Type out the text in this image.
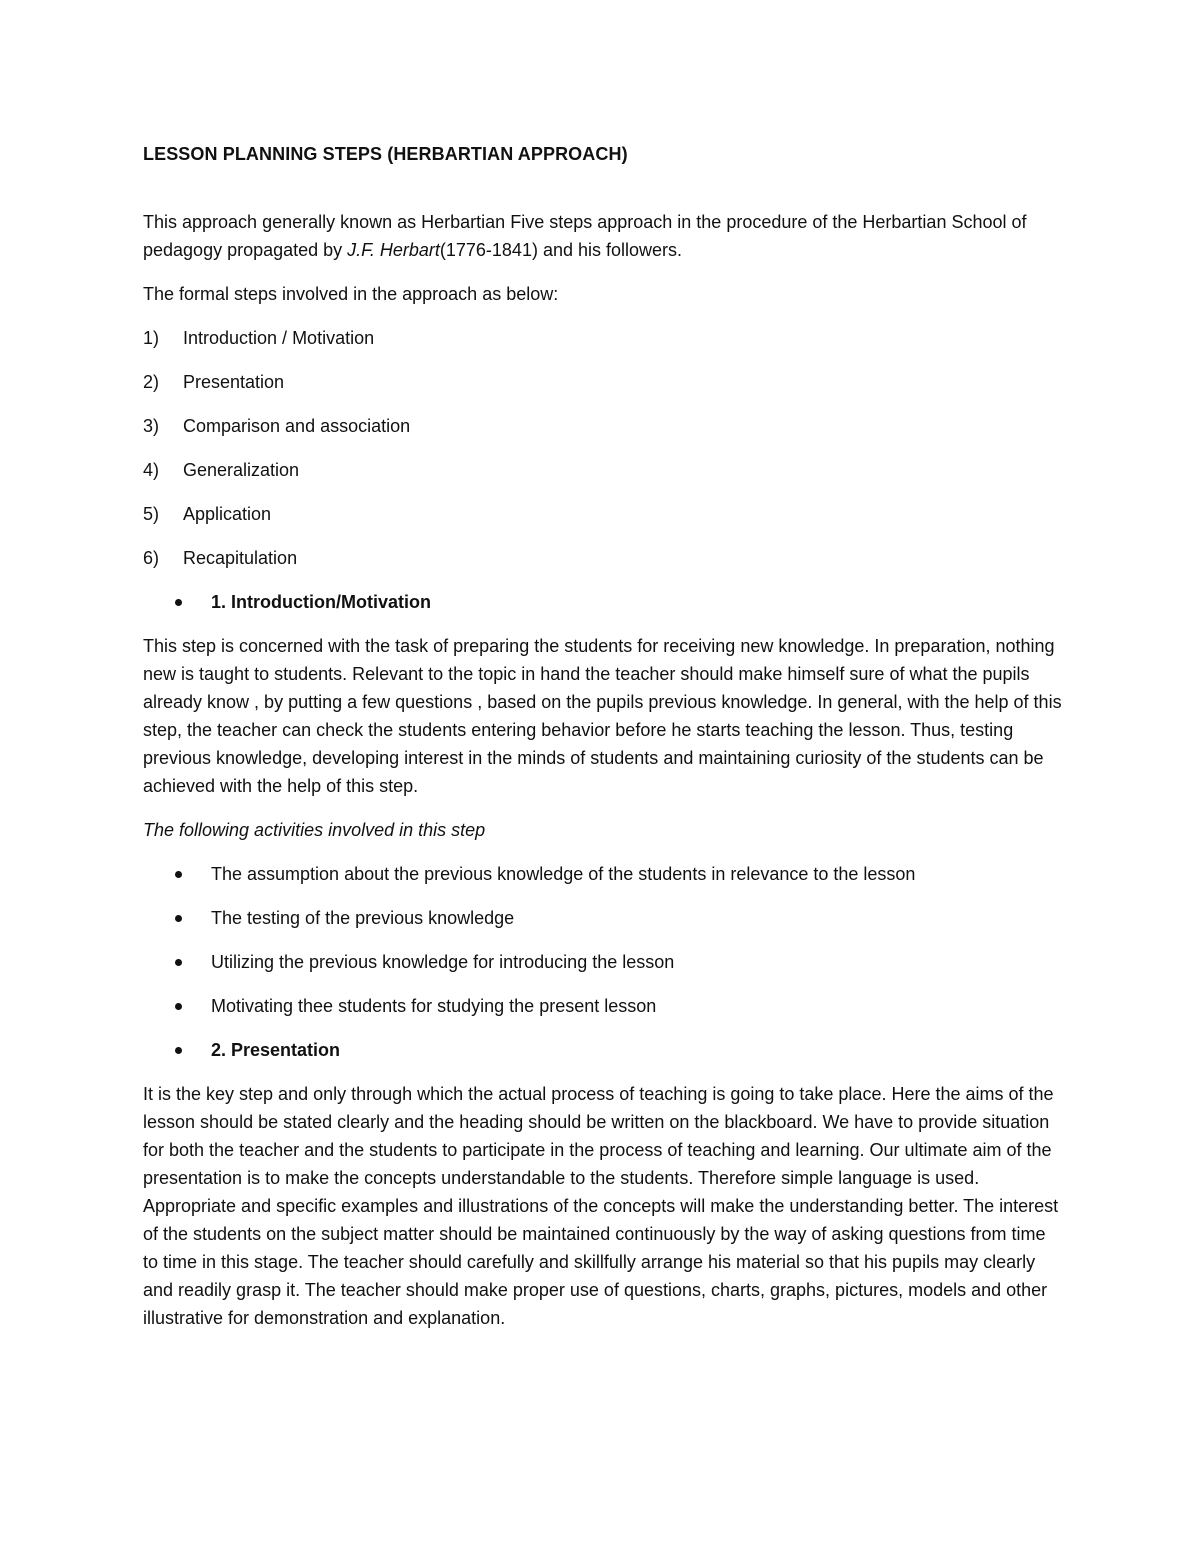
LESSON PLANNING STEPS (HERBARTIAN APPROACH)

This approach generally known as Herbartian Five steps approach in the procedure of the Herbartian School of pedagogy propagated by J.F. Herbart(1776-1841) and his followers.

The formal steps involved in the approach as below:

1)	Introduction / Motivation
2)	Presentation
3)	Comparison and association
4)	Generalization
5)	Application
6)	Recapitulation
1. Introduction/Motivation

This step is concerned with the task of preparing the students for receiving new knowledge. In preparation, nothing new is taught to students. Relevant to the topic in hand the teacher should make himself sure of what the pupils already know , by putting a few questions , based on the pupils previous knowledge. In general, with the help of this step, the teacher can check the students entering behavior before he starts teaching the lesson. Thus, testing previous knowledge, developing interest in the minds of students and maintaining curiosity of the students can be achieved with the help of this step.

The following activities involved in this step

The assumption about the previous knowledge of the students in relevance to the lesson
The testing of the previous knowledge
Utilizing the previous knowledge for introducing the lesson
Motivating thee students for studying the present lesson
2. Presentation

It is the key step and only through which the actual process of teaching is going to take place. Here the aims of the lesson should be stated clearly and the heading should be written on the blackboard. We have to provide situation for both the teacher and the students to participate in the process of teaching and learning. Our ultimate aim of the presentation is to make the concepts understandable to the students. Therefore simple language is used. Appropriate and specific examples and illustrations of the concepts will make the understanding better. The interest of the students on the subject matter should be maintained continuously by the way of asking questions from time to time in this stage. The teacher should carefully and skillfully arrange his material so that his pupils may clearly and readily grasp it. The teacher should make proper use of questions, charts, graphs, pictures, models and other illustrative for demonstration and explanation.
